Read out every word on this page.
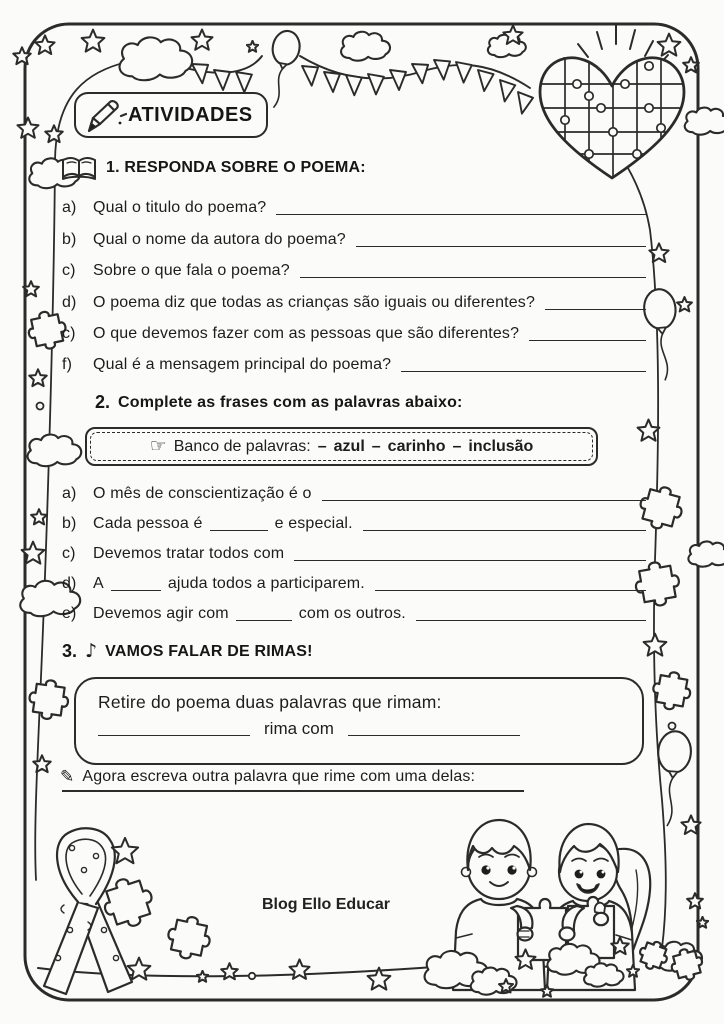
ATIVIDADES
1. RESPONDA SOBRE O POEMA:
a)	Qual o titulo do poema?
b)	Qual o nome da autora do poema?
c)	Sobre o que fala o poema?
d)	O poema diz que todas as crianças são iguais ou diferentes?
c)	O que devemos fazer com as pessoas que são diferentes?
f)	Qual é a mensagem principal do poema?
2. Complete as frases com as palavras abaixo:
☞ Banco de palavras: – azul – carinho – inclusão
a)	O mês de conscientização é o
b)	Cada pessoa é	e especial.
c)	Devemos tratar todos com
d)	A	ajuda todos a participarem.
e)	Devemos agir com	com os outros.
3. ♪ VAMOS FALAR DE RIMAS!
Retire do poema duas palavras que rimam:
rima com
✎ Agora escreva outra palavra que rime com uma delas:
Blog Ello Educar
